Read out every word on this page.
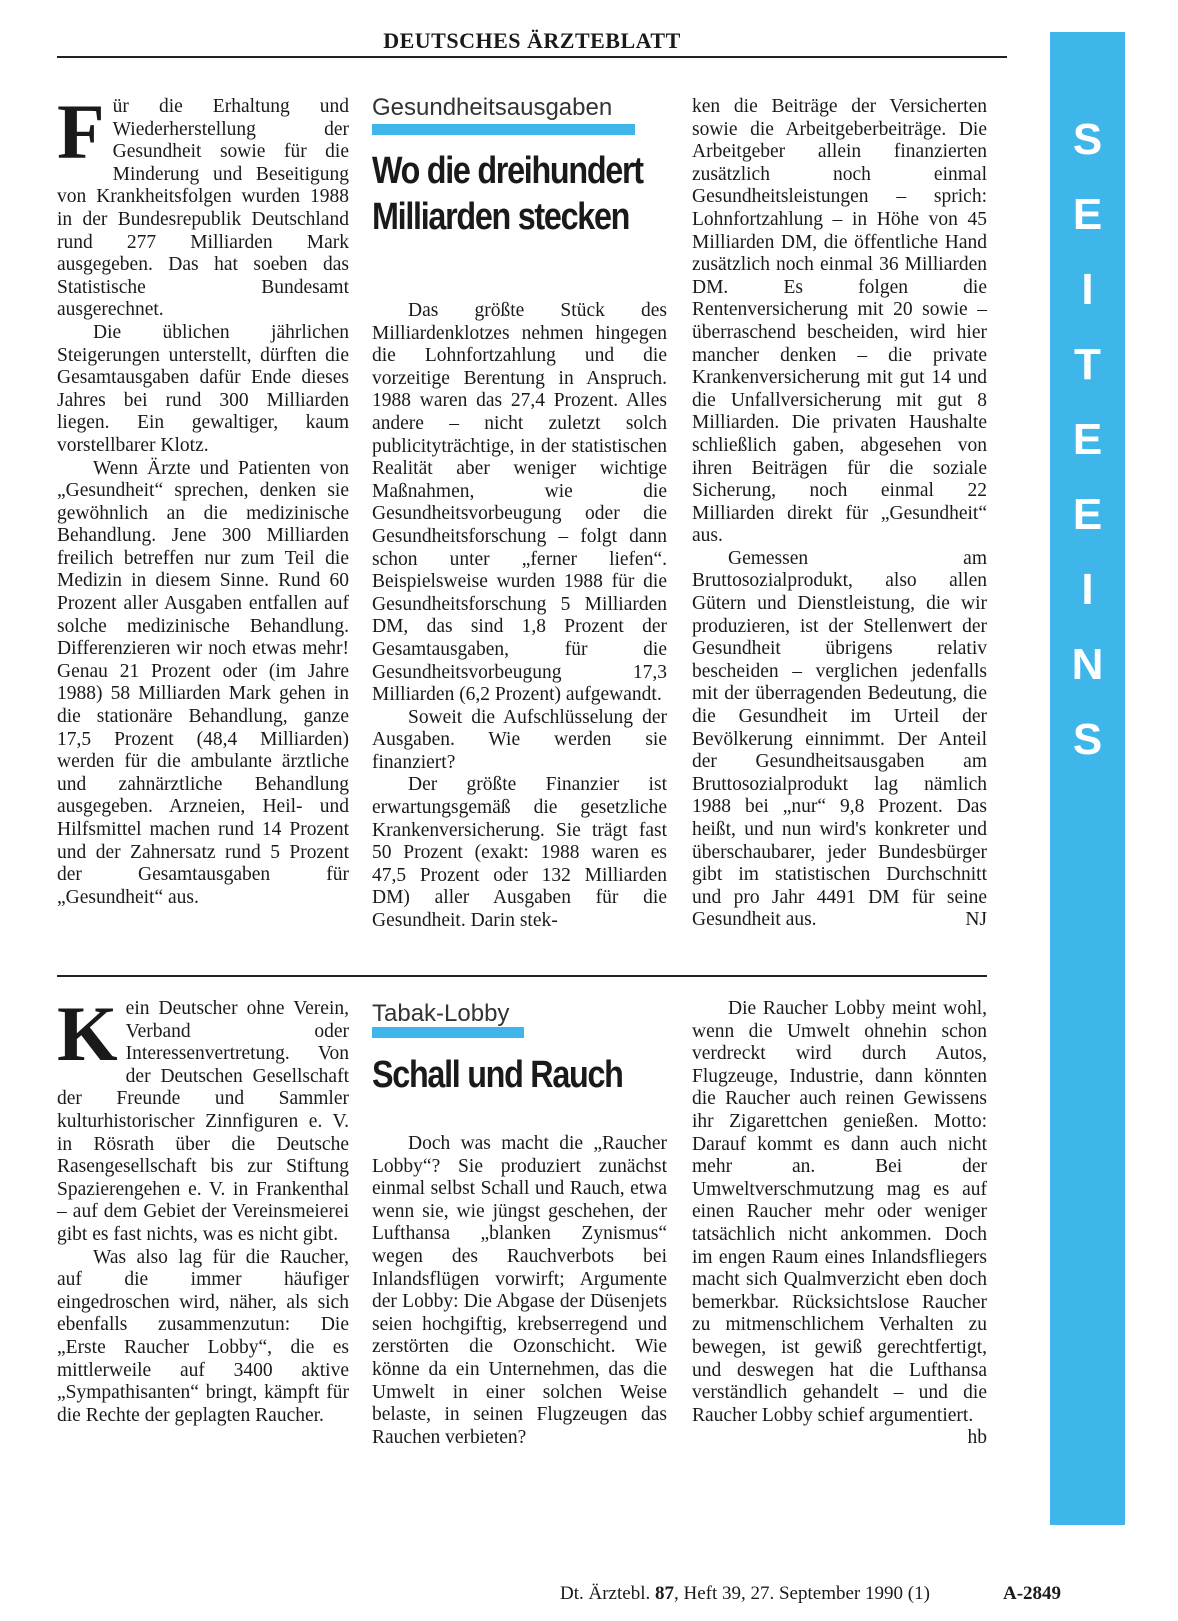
DEUTSCHES ÄRZTEBLATT
S
E
I
T
E
E
I
N
S
F ür die Erhaltung und Wiederherstellung der Gesundheit sowie für die Minderung und Beseitigung von Krankheitsfolgen wurden 1988 in der Bundesrepublik Deutschland rund 277 Milliarden Mark ausgegeben. Das hat soeben das Statistische Bundesamt ausgerechnet.

Die üblichen jährlichen Steigerungen unterstellt, dürften die Gesamtausgaben dafür Ende dieses Jahres bei rund 300 Milliarden liegen. Ein gewaltiger, kaum vorstellbarer Klotz.

Wenn Ärzte und Patienten von „Gesundheit“ sprechen, denken sie gewöhnlich an die medizinische Behandlung. Jene 300 Milliarden freilich betreffen nur zum Teil die Medizin in diesem Sinne. Rund 60 Prozent aller Ausgaben entfallen auf solche medizinische Behandlung. Differenzieren wir noch etwas mehr! Genau 21 Prozent oder (im Jahre 1988) 58 Milliarden Mark gehen in die stationäre Behandlung, ganze 17,5 Prozent (48,4 Milliarden) werden für die ambulante ärztliche und zahnärztliche Behandlung ausgegeben. Arzneien, Heil- und Hilfsmittel machen rund 14 Prozent und der Zahnersatz rund 5 Prozent der Gesamtausgaben für „Gesundheit“ aus.

Gesundheitsausgaben
Wo die dreihundert
Milliarden stecken

Das größte Stück des Milliardenklotzes nehmen hingegen die Lohnfortzahlung und die vorzeitige Berentung in Anspruch. 1988 waren das 27,4 Prozent. Alles andere – nicht zuletzt solch publicityträchtige, in der statistischen Realität aber weniger wichtige Maßnahmen, wie die Gesundheitsvorbeugung oder die Gesundheitsforschung – folgt dann schon unter „ferner liefen“. Beispielsweise wurden 1988 für die Gesundheitsforschung 5 Milliarden DM, das sind 1,8 Prozent der Gesamtausgaben, für die Gesundheitsvorbeugung 17,3 Milliarden (6,2 Prozent) aufgewandt.

Soweit die Aufschlüsselung der Ausgaben. Wie werden sie finanziert?

Der größte Finanzier ist erwartungsgemäß die gesetzliche Krankenversicherung. Sie trägt fast 50 Prozent (exakt: 1988 waren es 47,5 Prozent oder 132 Milliarden DM) aller Ausgaben für die Gesundheit. Darin stek-

ken die Beiträge der Versicherten sowie die Arbeitgeberbeiträge. Die Arbeitgeber allein finanzierten zusätzlich noch einmal Gesundheitsleistungen – sprich: Lohnfortzahlung – in Höhe von 45 Milliarden DM, die öffentliche Hand zusätzlich noch einmal 36 Milliarden DM. Es folgen die Rentenversicherung mit 20 sowie – überraschend bescheiden, wird hier mancher denken – die private Krankenversicherung mit gut 14 und die Unfallversicherung mit gut 8 Milliarden. Die privaten Haushalte schließlich gaben, abgesehen von ihren Beiträgen für die soziale Sicherung, noch einmal 22 Milliarden direkt für „Gesundheit“ aus.

Gemessen am Bruttosozialprodukt, also allen Gütern und Dienstleistung, die wir produzieren, ist der Stellenwert der Gesundheit übrigens relativ bescheiden – verglichen jedenfalls mit der überragenden Bedeutung, die die Gesundheit im Urteil der Bevölkerung einnimmt. Der Anteil der Gesundheitsausgaben am Bruttosozialprodukt lag nämlich 1988 bei „nur“ 9,8 Prozent. Das heißt, und nun wird's konkreter und überschaubarer, jeder Bundesbürger gibt im statistischen Durchschnitt und pro Jahr 4491 DM für seine Gesundheit aus.	NJ

K ein Deutscher ohne Verein, Verband oder Interessenvertretung. Von der Deutschen Gesellschaft der Freunde und Sammler kulturhistorischer Zinnfiguren e. V. in Rösrath über die Deutsche Rasengesellschaft bis zur Stiftung Spazierengehen e. V. in Frankenthal – auf dem Gebiet der Vereinsmeierei gibt es fast nichts, was es nicht gibt.

Was also lag für die Raucher, auf die immer häufiger eingedroschen wird, näher, als sich ebenfalls zusammenzutun: Die „Erste Raucher Lobby“, die es mittlerweile auf 3400 aktive „Sympathisanten“ bringt, kämpft für die Rechte der geplagten Raucher.

Tabak-Lobby
Schall und Rauch

Doch was macht die „Raucher Lobby“? Sie produziert zunächst einmal selbst Schall und Rauch, etwa wenn sie, wie jüngst geschehen, der Lufthansa „blanken Zynismus“ wegen des Rauchverbots bei Inlandsflügen vorwirft; Argumente der Lobby: Die Abgase der Düsenjets seien hochgiftig, krebserregend und zerstörten die Ozonschicht. Wie könne da ein Unternehmen, das die Umwelt in einer solchen Weise belaste, in seinen Flugzeugen das Rauchen verbieten?

Die Raucher Lobby meint wohl, wenn die Umwelt ohnehin schon verdreckt wird durch Autos, Flugzeuge, Industrie, dann könnten die Raucher auch reinen Gewissens ihr Zigarettchen genießen. Motto: Darauf kommt es dann auch nicht mehr an. Bei der Umweltverschmutzung mag es auf einen Raucher mehr oder weniger tatsächlich nicht ankommen. Doch im engen Raum eines Inlandsfliegers macht sich Qualmverzicht eben doch bemerkbar. Rücksichtslose Raucher zu mitmenschlichem Verhalten zu bewegen, ist gewiß gerechtfertigt, und deswegen hat die Lufthansa verständlich gehandelt – und die Raucher Lobby schief argumentiert.
hb

Dt. Ärztebl. 87, Heft 39, 27. September 1990 (1)	A-2849
